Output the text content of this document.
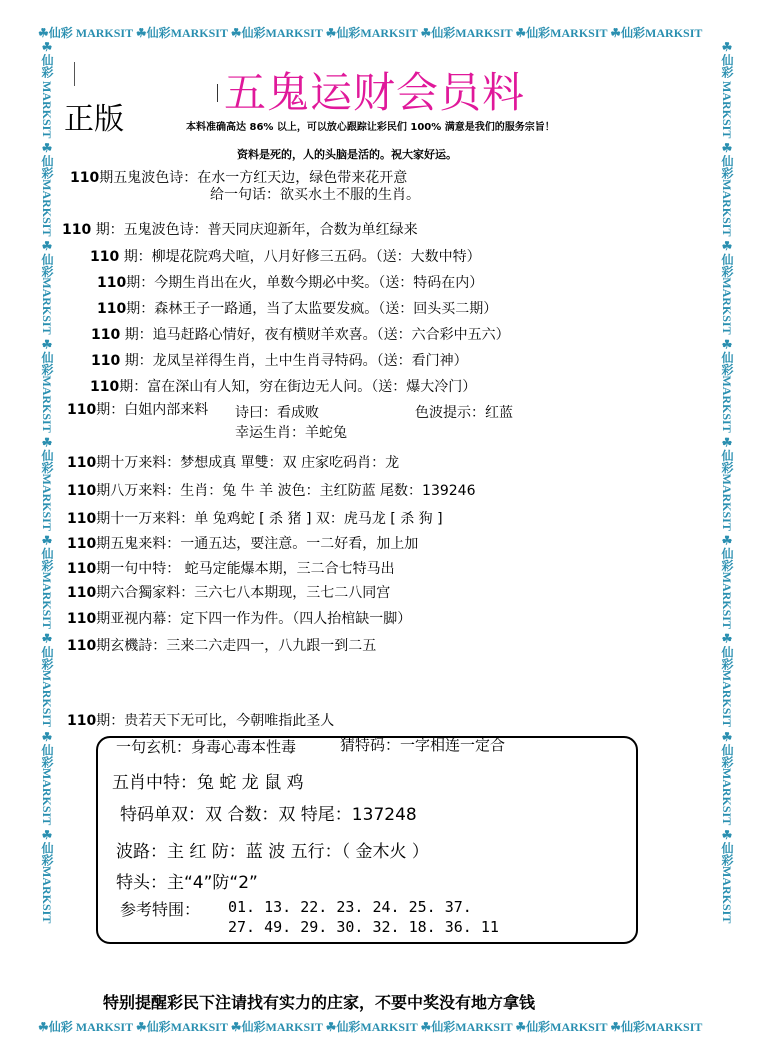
☘仙彩 MARKSIT ☘仙彩MARKSIT ☘仙彩MARKSIT ☘仙彩MARKSIT ☘仙彩MARKSIT ☘仙彩MARKSIT ☘仙彩MARKSIT
☘仙彩 MARKSIT ☘仙彩MARKSIT ☘仙彩MARKSIT ☘仙彩MARKSIT ☘仙彩MARKSIT ☘仙彩MARKSIT ☘仙彩MARKSIT
☘仙彩 MARKSIT ☘仙彩MARKSIT ☘仙彩MARKSIT ☘仙彩MARKSIT ☘仙彩MARKSIT ☘仙彩MARKSIT ☘仙彩MARKSIT ☘仙彩MARKSIT ☘仙彩MARKSIT	☘仙彩 MARKSIT ☘仙彩MARKSIT ☘仙彩MARKSIT ☘仙彩MARKSIT ☘仙彩MARKSIT ☘仙彩MARKSIT ☘仙彩MARKSIT ☘仙彩MARKSIT ☘仙彩MARKSIT
五鬼运财会员料
正版	本料准确高达 86% 以上，可以放心跟踪让彩民们 100% 满意是我们的服务宗旨！
资料是死的，人的头脑是活的。祝大家好运。
110期五鬼波色诗：在水一方红天边，绿色带来花开意
给一句话：欲买水土不服的生肖。
110 期：五鬼波色诗：普天同庆迎新年，合数为单红绿来
110 期：柳堤花院鸡犬喧，八月好修三五码。（送：大数中特）
110期：今期生肖出在火，单数今期必中奖。（送：特码在内）
110期：森林王子一路通，当了太监要发疯。（送：回头买二期）
110 期：追马赶路心情好，夜有横财羊欢喜。（送：六合彩中五六）
110 期：龙凤呈祥得生肖，土中生肖寻特码。（送：看门神）
110期：富在深山有人知，穷在街边无人问。（送：爆大冷门）
110期：白姐内部来料 诗曰：看成败	色波提示：红蓝
幸运生肖：羊蛇兔
110期十万来料：梦想成真 單雙：双 庄家吃码肖：龙
110期八万来料：生肖：兔 牛 羊 波色：主红防蓝 尾数：139246
110期十一万来料：单 兔鸡蛇 [ 杀 猪 ] 双：虎马龙 [ 杀 狗 ]
110期五鬼来料：一通五达，要注意。一二好看，加上加
110期一句中特： 蛇马定能爆本期，三二合七特马出
110期六合獨家料：三六七八本期现，三七二八同宫
110期亚视内幕：定下四一作为件。（四人抬棺缺一脚）
110期玄機詩：三来二六走四一，八九跟一到二五
110期：贵若天下无可比，今朝唯指此圣人
一句玄机：身毒心毒本性毒	猜特码：一字相连一定合
五肖中特：兔 蛇 龙 鼠 鸡
特码单双：双 合数：双 特尾：137248
波路：主 红 防：蓝 波 五行：（ 金木火 ）
特头：主“4”防“2”
参考特围： 01. 13. 22. 23. 24. 25. 37.
27. 49. 29. 30. 32. 18. 36. 11
特别提醒彩民下注请找有实力的庄家，不要中奖没有地方拿钱
